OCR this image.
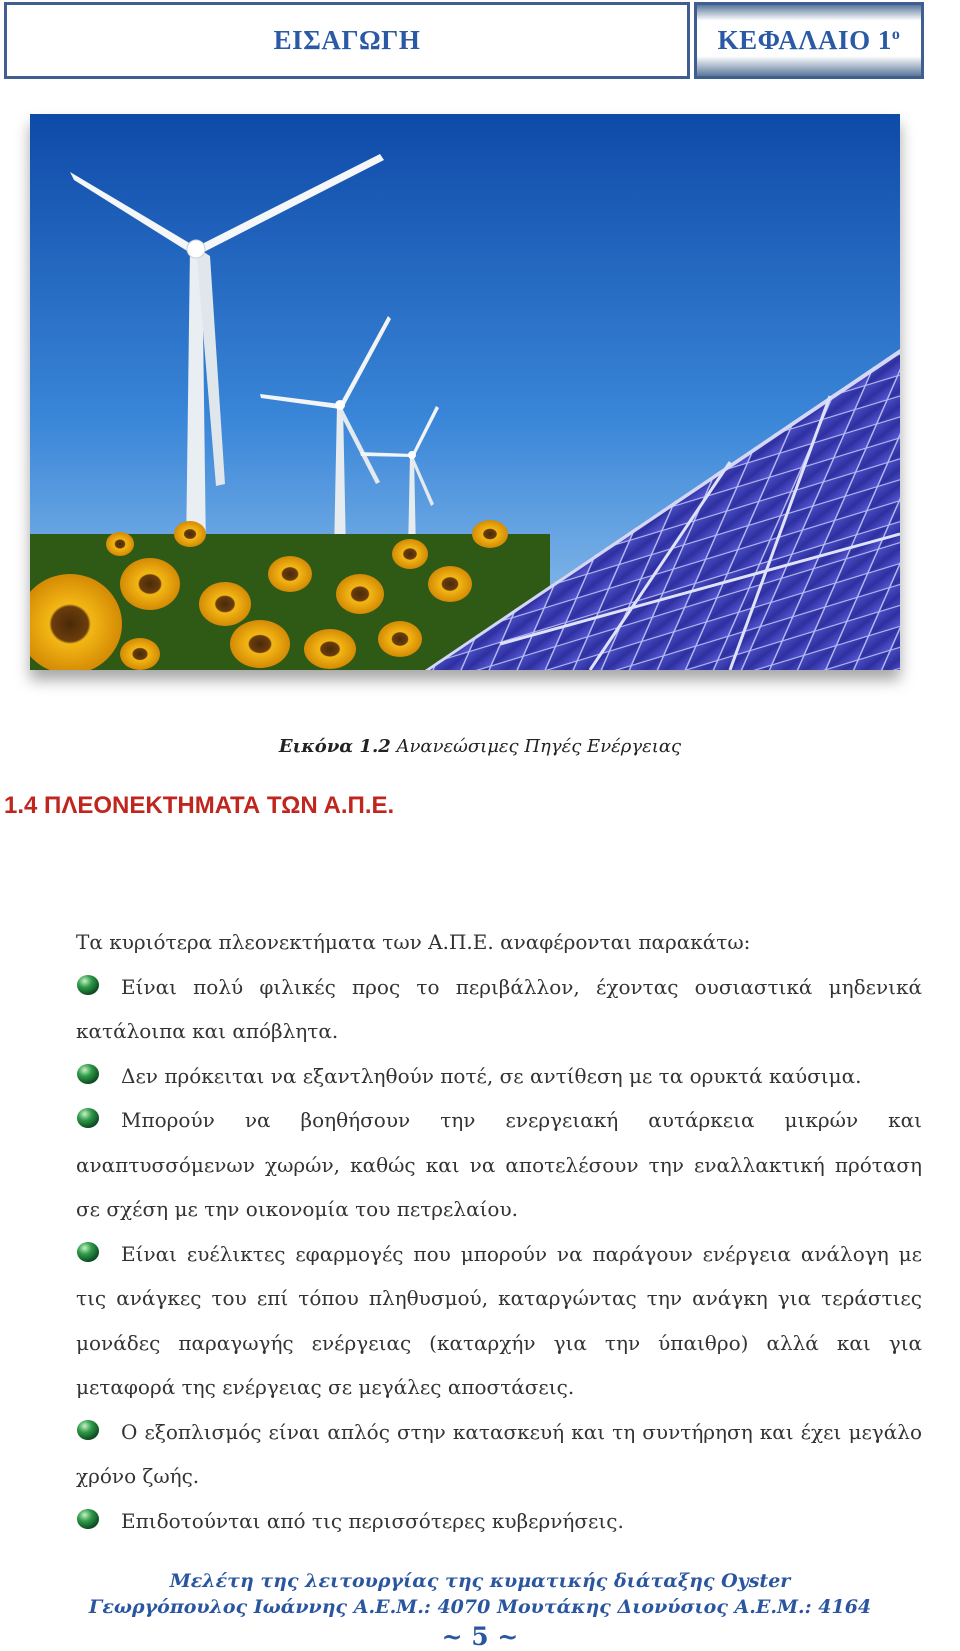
ΕΙΣΑΓΩΓΗ	ΚΕΦΑΛΑΙΟ $1^o$
Εικόνα 1.2 Ανανεώσιμες Πηγές Ενέργειας
1.4 ΠΛΕΟΝΕΚΤΗΜΑΤΑ ΤΩΝ Α.Π.Ε.

Τα κυριότερα πλεονεκτήματα των Α.Π.Ε. αναφέρονται παρακάτω:

Είναι πολύ φιλικές προς το περιβάλλον, έχοντας ουσιαστικά μηδενικά κατάλοιπα και απόβλητα.
Δεν πρόκειται να εξαντληθούν ποτέ, σε αντίθεση με τα ορυκτά καύσιμα.
Μπορούν να βοηθήσουν την ενεργειακή αυτάρκεια μικρών και αναπτυσσόμενων χωρών, καθώς και να αποτελέσουν την εναλλακτική πρόταση σε σχέση με την οικονομία του πετρελαίου.
Είναι ευέλικτες εφαρμογές που μπορούν να παράγουν ενέργεια ανάλογη με τις ανάγκες του επί τόπου πληθυσμού, καταργώντας την ανάγκη για τεράστιες μονάδες παραγωγής ενέργειας (καταρχήν για την ύπαιθρο) αλλά και για μεταφορά της ενέργειας σε μεγάλες αποστάσεις.
Ο εξοπλισμός είναι απλός στην κατασκευή και τη συντήρηση και έχει μεγάλο χρόνο ζωής.
Επιδοτούνται από τις περισσότερες κυβερνήσεις.
Μελέτη της λειτουργίας της κυματικής διάταξης Oyster
Γεωργόπουλος Ιωάννης Α.Ε.Μ.: 4070 Μουτάκης Διονύσιος Α.Ε.Μ.: 4164
~ 5 ~
